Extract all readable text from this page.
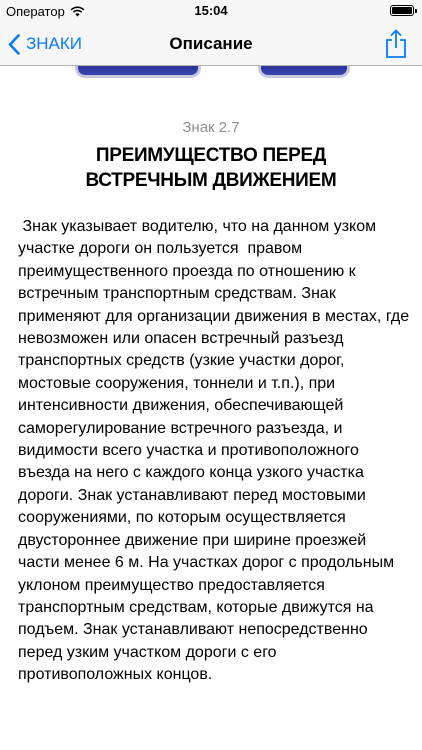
Оператор	15:04
ЗНАКИ	Описание
Знак 2.7
ПРЕИМУЩЕСТВО ПЕРЕД
ВСТРЕЧНЫМ ДВИЖЕНИЕМ
Знак указывает водителю, что на данном узком участке дороги он пользуется  правом преимущественного проезда по отношению к встречным транспортным средствам. Знак применяют для организации движения в местах, где невозможен или опасен встречный разъезд транспортных средств (узкие участки дорог, мостовые сооружения, тоннели и т.п.), при интенсивности движения, обеспечивающей саморегулирование встречного разъезда, и видимости всего участка и противоположного въезда на него с каждого конца узкого участка дороги. Знак устанавливают перед мостовыми сооружениями, по которым осуществляется двустороннее движение при ширине проезжей части менее 6 м. На участках дорог с продольным уклоном преимущество предоставляется транспортным средствам, которые движутся на подъем. Знак устанавливают непосредственно перед узким участком дороги с его противоположных концов.
